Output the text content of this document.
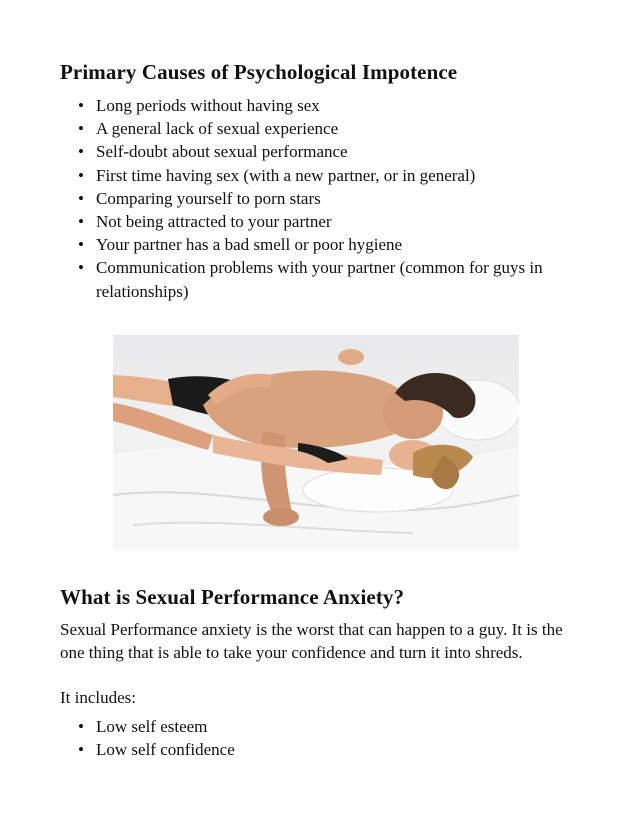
Primary Causes of Psychological Impotence
• Long periods without having sex
• A general lack of sexual experience
• Self-doubt about sexual performance
• First time having sex (with a new partner, or in general)
• Comparing yourself to porn stars
• Not being attracted to your partner
• Your partner has a bad smell or poor hygiene
• Communication problems with your partner (common for guys in relationships)
What is Sexual Performance Anxiety?

Sexual Performance anxiety is the worst that can happen to a guy. It is the one thing that is able to take your confidence and turn it into shreds.

It includes:

• Low self esteem
• Low self confidence
